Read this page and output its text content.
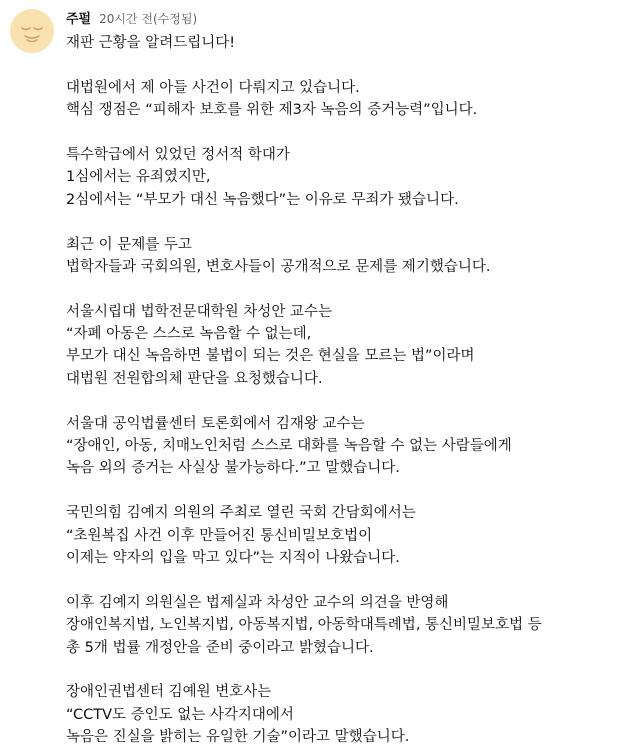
주펄 20시간 전(수정됨)
재판 근황을 알려드립니다!
대법원에서 제 아들 사건이 다뤄지고 있습니다.
핵심 쟁점은 “피해자 보호를 위한 제3자 녹음의 증거능력”입니다.
특수학급에서 있었던 정서적 학대가
1심에서는 유죄였지만,
2심에서는 “부모가 대신 녹음했다”는 이유로 무죄가 됐습니다.
최근 이 문제를 두고
법학자들과 국회의원, 변호사들이 공개적으로 문제를 제기했습니다.
서울시립대 법학전문대학원 차성안 교수는
“자폐 아동은 스스로 녹음할 수 없는데,
부모가 대신 녹음하면 불법이 되는 것은 현실을 모르는 법”이라며
대법원 전원합의체 판단을 요청했습니다.
서울대 공익법률센터 토론회에서 김재왕 교수는
“장애인, 아동, 치매노인처럼 스스로 대화를 녹음할 수 없는 사람들에게
녹음 외의 증거는 사실상 불가능하다.”고 말했습니다.
국민의힘 김예지 의원의 주최로 열린 국회 간담회에서는
“초원복집 사건 이후 만들어진 통신비밀보호법이
이제는 약자의 입을 막고 있다”는 지적이 나왔습니다.
이후 김예지 의원실은 법제실과 차성안 교수의 의견을 반영해
장애인복지법, 노인복지법, 아동복지법, 아동학대특례법, 통신비밀보호법 등
총 5개 법률 개정안을 준비 중이라고 밝혔습니다.
장애인권법센터 김예원 변호사는
“CCTV도 증인도 없는 사각지대에서
녹음은 진실을 밝히는 유일한 기술”이라고 말했습니다.
